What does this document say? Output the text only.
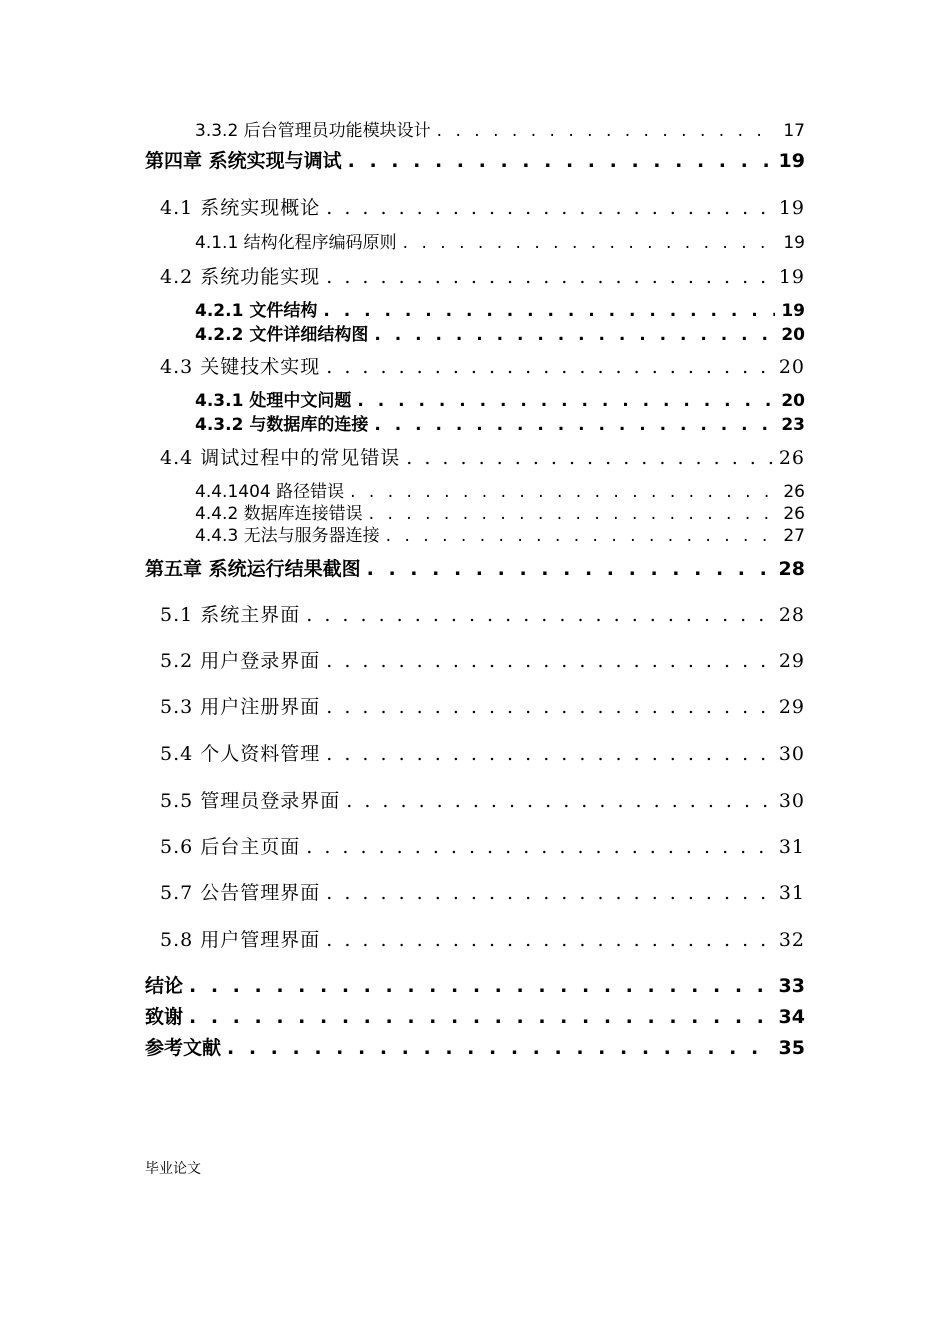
3.3.2 后台管理员功能模块设计 . . .	17
第四章 系统实现与调试 . . .	19
4.1 系统实现概论 . . .	19
4.1.1 结构化程序编码原则 . . .	19
4.2 系统功能实现 . . .	19
4.2.1 文件结构 . . .	19
4.2.2 文件详细结构图 . . .	20
4.3 关键技术实现 . . .	20
4.3.1 处理中文问题 . . .	20
4.3.2 与数据库的连接 . . .	23
4.4 调试过程中的常见错误 . . .	26
4.4.1404 路径错误 . . .	26
4.4.2 数据库连接错误 . . .	26
4.4.3 无法与服务器连接 . . .	27
第五章 系统运行结果截图 . . .	28
5.1 系统主界面 . . .	28
5.2 用户登录界面 . . .	29
5.3 用户注册界面 . . .	29
5.4 个人资料管理 . . .	30
5.5 管理员登录界面 . . .	30
5.6 后台主页面 . . .	31
5.7 公告管理界面 . . .	31
5.8 用户管理界面 . . .	32
结论 . . .	33
致谢 . . .	34
参考文献 . . .	35
毕业论文
